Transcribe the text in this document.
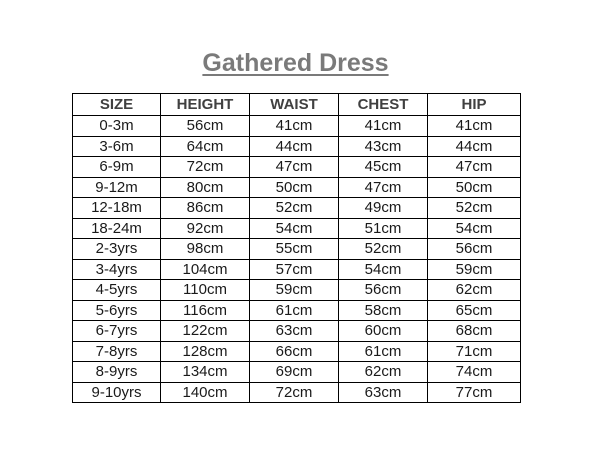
Gathered Dress
SIZE	HEIGHT	WAIST	CHEST	HIP
0-3m	56cm	41cm	41cm	41cm
3-6m	64cm	44cm	43cm	44cm
6-9m	72cm	47cm	45cm	47cm
9-12m	80cm	50cm	47cm	50cm
12-18m	86cm	52cm	49cm	52cm
18-24m	92cm	54cm	51cm	54cm
2-3yrs	98cm	55cm	52cm	56cm
3-4yrs	104cm	57cm	54cm	59cm
4-5yrs	110cm	59cm	56cm	62cm
5-6yrs	116cm	61cm	58cm	65cm
6-7yrs	122cm	63cm	60cm	68cm
7-8yrs	128cm	66cm	61cm	71cm
8-9yrs	134cm	69cm	62cm	74cm
9-10yrs	140cm	72cm	63cm	77cm
